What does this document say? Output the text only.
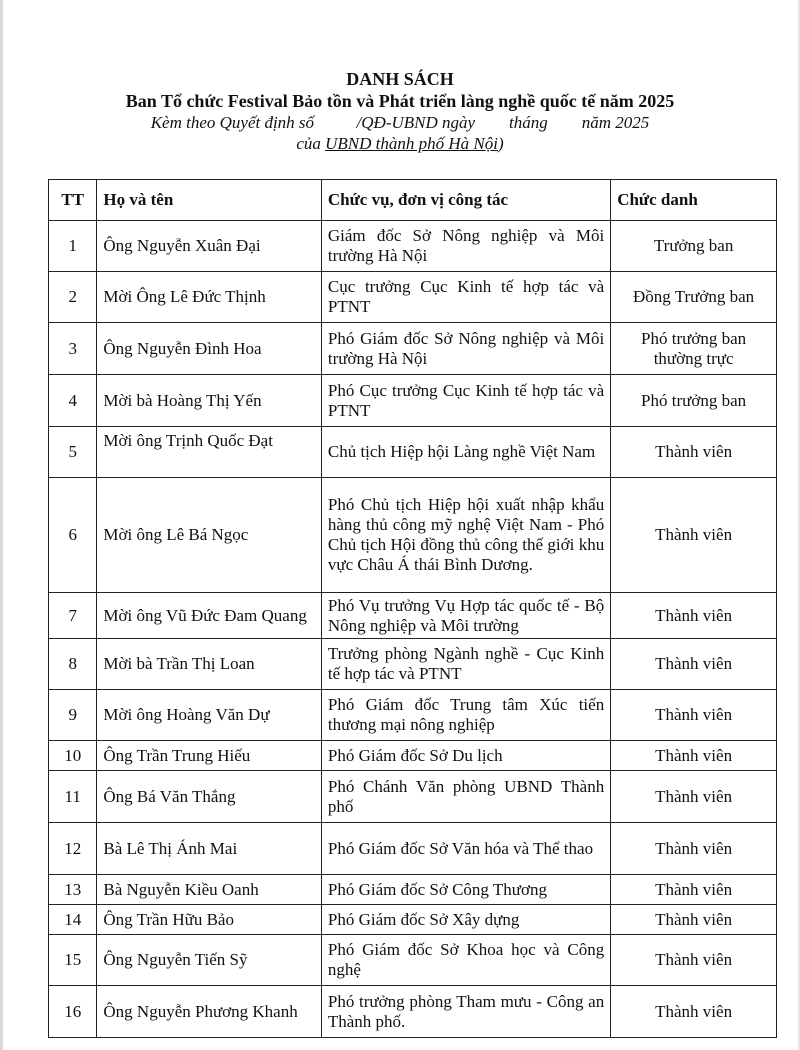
DANH SÁCH
Ban Tổ chức Festival Bảo tồn và Phát triển làng nghề quốc tế năm 2025
Kèm theo Quyết định số          /QĐ-UBND ngày        tháng        năm 2025
của UBND thành phố Hà Nội)
TT	Họ và tên	Chức vụ, đơn vị công tác	Chức danh
1	Ông Nguyễn Xuân Đại	Giám đốc Sở Nông nghiệp và Môi trường Hà Nội	Trưởng ban
2	Mời Ông Lê Đức Thịnh	Cục trưởng Cục Kinh tế hợp tác và PTNT	Đồng Trưởng ban
3	Ông Nguyễn Đình Hoa	Phó Giám đốc Sở Nông nghiệp và Môi trường Hà Nội	Phó trưởng ban thường trực
4	Mời bà Hoàng Thị Yến	Phó Cục trưởng Cục Kinh tế hợp tác và PTNT	Phó trưởng ban
5	Mời ông Trịnh Quốc Đạt	Chủ tịch Hiệp hội Làng nghề Việt Nam	Thành viên
6	Mời ông Lê Bá Ngọc	Phó Chủ tịch Hiệp hội xuất nhập khẩu hàng thủ công mỹ nghệ Việt Nam - Phó Chủ tịch Hội đồng thủ công thế giới khu vực Châu Á thái Bình Dương.	Thành viên
7	Mời ông Vũ Đức Đam Quang	Phó Vụ trưởng Vụ Hợp tác quốc tế - Bộ Nông nghiệp và Môi trường	Thành viên
8	Mời bà Trần Thị Loan	Trưởng phòng Ngành nghề - Cục Kinh tế hợp tác và PTNT	Thành viên
9	Mời ông Hoàng Văn Dự	Phó Giám đốc Trung tâm Xúc tiến thương mại nông nghiệp	Thành viên
10	Ông Trần Trung Hiếu	Phó Giám đốc Sở Du lịch	Thành viên
11	Ông Bá Văn Thắng	Phó Chánh Văn phòng UBND Thành phố	Thành viên
12	Bà Lê Thị Ánh Mai	Phó Giám đốc Sở Văn hóa và Thể thao	Thành viên
13	Bà Nguyễn Kiều Oanh	Phó Giám đốc Sở Công Thương	Thành viên
14	Ông Trần Hữu Bảo	Phó Giám đốc Sở Xây dựng	Thành viên
15	Ông Nguyễn Tiến Sỹ	Phó Giám đốc Sở Khoa học và Công nghệ	Thành viên
16	Ông Nguyễn Phương Khanh	Phó trưởng phòng Tham mưu - Công an Thành phố.	Thành viên
